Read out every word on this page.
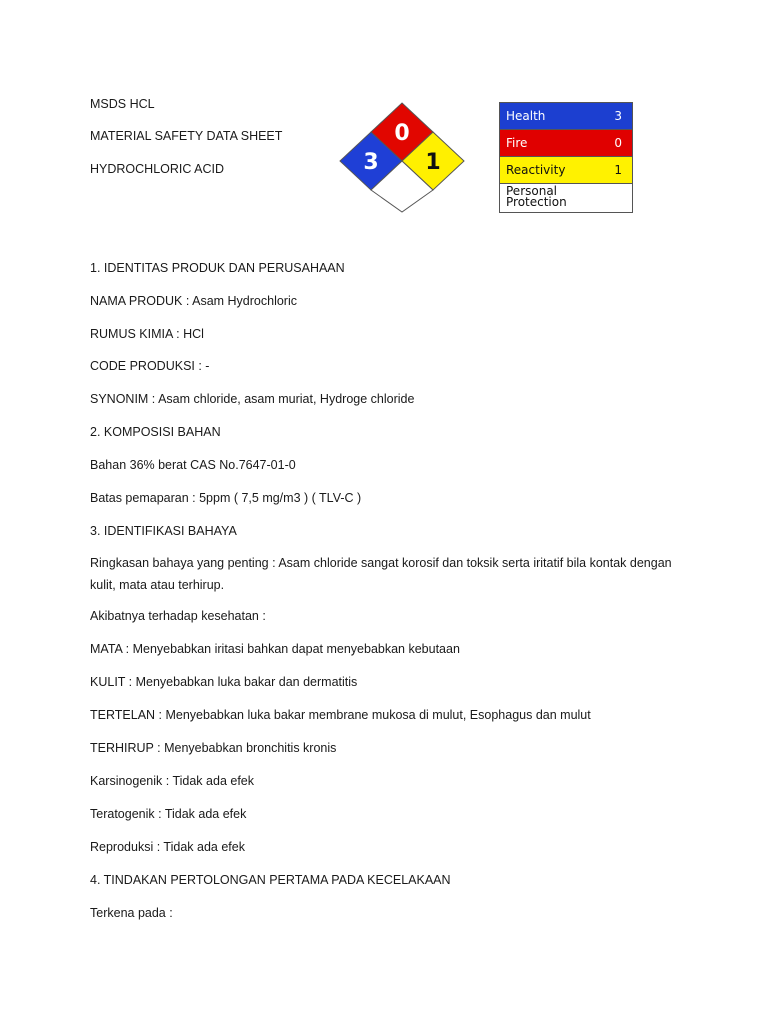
MSDS HCL
MATERIAL SAFETY DATA SHEET
HYDROCHLORIC ACID
0
3 1
Health	3
Fire	0
Reactivity	1
Personal
Protection
1. IDENTITAS PRODUK DAN PERUSAHAAN
NAMA PRODUK : Asam Hydrochloric
RUMUS KIMIA : HCl
CODE PRODUKSI : -
SYNONIM : Asam chloride, asam muriat, Hydroge chloride
2. KOMPOSISI BAHAN
Bahan 36% berat CAS No.7647-01-0
Batas pemaparan : 5ppm ( 7,5 mg/m3 ) ( TLV-C )
3. IDENTIFIKASI BAHAYA
Ringkasan bahaya yang penting : Asam chloride sangat korosif dan toksik serta iritatif bila kontak dengan kulit, mata atau terhirup.
Akibatnya terhadap kesehatan :
MATA : Menyebabkan iritasi bahkan dapat menyebabkan kebutaan
KULIT : Menyebabkan luka bakar dan dermatitis
TERTELAN : Menyebabkan luka bakar membrane mukosa di mulut, Esophagus dan mulut
TERHIRUP : Menyebabkan bronchitis kronis
Karsinogenik : Tidak ada efek
Teratogenik : Tidak ada efek
Reproduksi : Tidak ada efek
4. TINDAKAN PERTOLONGAN PERTAMA PADA KECELAKAAN
Terkena pada :
